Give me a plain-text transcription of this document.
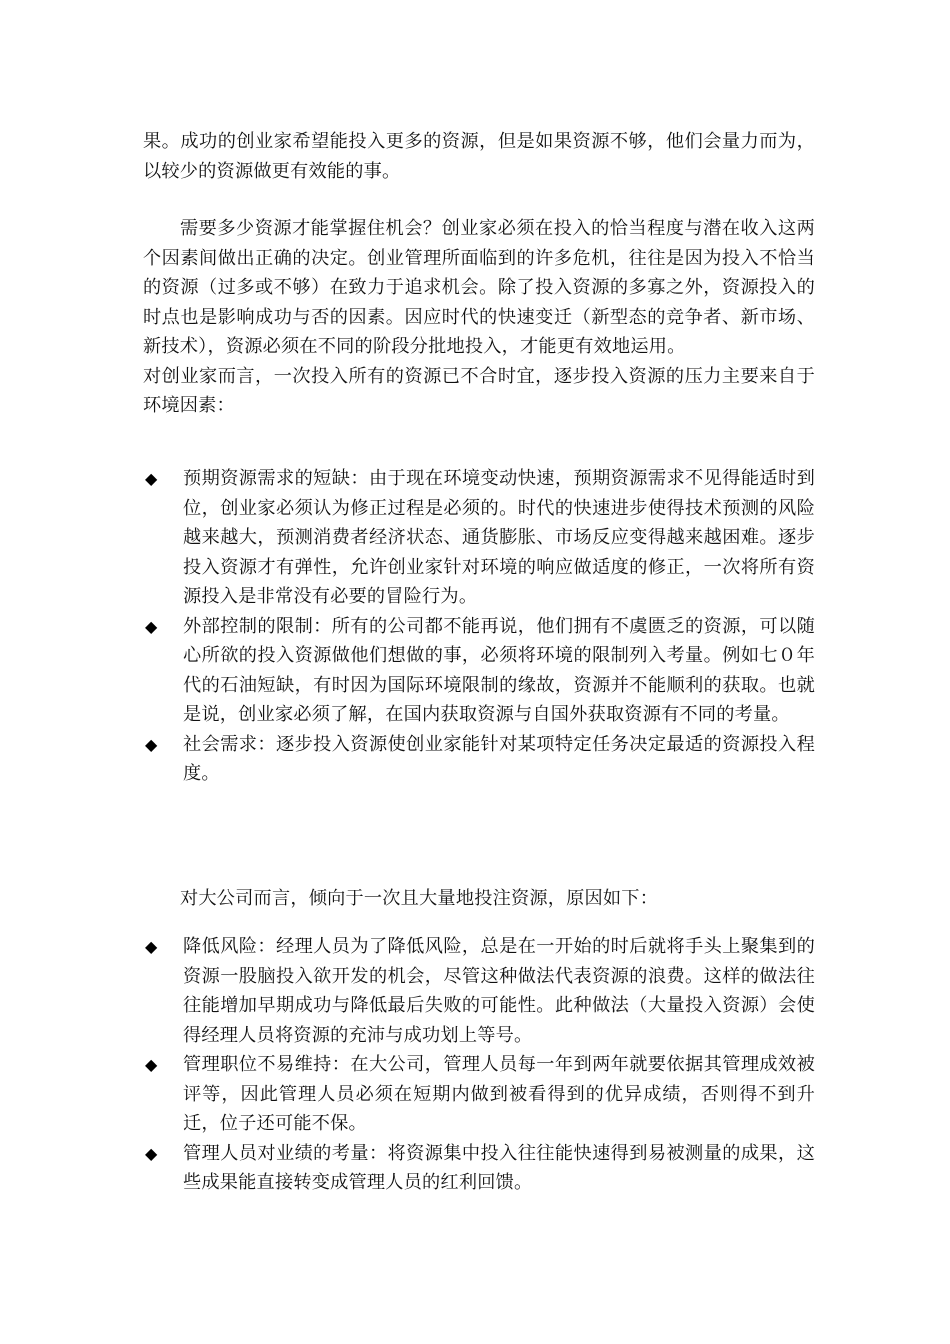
果。成功的创业家希望能投入更多的资源，但是如果资源不够，他们会量力而为，以较少的资源做更有效能的事。

需要多少资源才能掌握住机会？创业家必须在投入的恰当程度与潜在收入这两个因素间做出正确的决定。创业管理所面临到的许多危机，往往是因为投入不恰当的资源（过多或不够）在致力于追求机会。除了投入资源的多寡之外，资源投入的时点也是影响成功与否的因素。因应时代的快速变迁（新型态的竞争者、新市场、新技术），资源必须在不同的阶段分批地投入，才能更有效地运用。

对创业家而言，一次投入所有的资源已不合时宜，逐步投入资源的压力主要来自于环境因素：

◆ 预期资源需求的短缺：由于现在环境变动快速，预期资源需求不见得能适时到位，创业家必须认为修正过程是必须的。时代的快速进步使得技术预测的风险越来越大，预测消费者经济状态、通货膨胀、市场反应变得越来越困难。逐步投入资源才有弹性，允许创业家针对环境的响应做适度的修正，一次将所有资源投入是非常没有必要的冒险行为。
◆ 外部控制的限制：所有的公司都不能再说，他们拥有不虞匮乏的资源，可以随心所欲的投入资源做他们想做的事，必须将环境的限制列入考量。例如七０年代的石油短缺，有时因为国际环境限制的缘故，资源并不能顺利的获取。也就是说，创业家必须了解，在国内获取资源与自国外获取资源有不同的考量。
◆ 社会需求：逐步投入资源使创业家能针对某项特定任务决定最适的资源投入程度。

对大公司而言，倾向于一次且大量地投注资源，原因如下：

◆ 降低风险：经理人员为了降低风险，总是在一开始的时后就将手头上聚集到的资源一股脑投入欲开发的机会，尽管这种做法代表资源的浪费。这样的做法往往能增加早期成功与降低最后失败的可能性。此种做法（大量投入资源）会使得经理人员将资源的充沛与成功划上等号。
◆ 管理职位不易维持：在大公司，管理人员每一年到两年就要依据其管理成效被评等，因此管理人员必须在短期内做到被看得到的优异成绩，否则得不到升迁，位子还可能不保。
◆ 管理人员对业绩的考量：将资源集中投入往往能快速得到易被测量的成果，这些成果能直接转变成管理人员的红利回馈。
